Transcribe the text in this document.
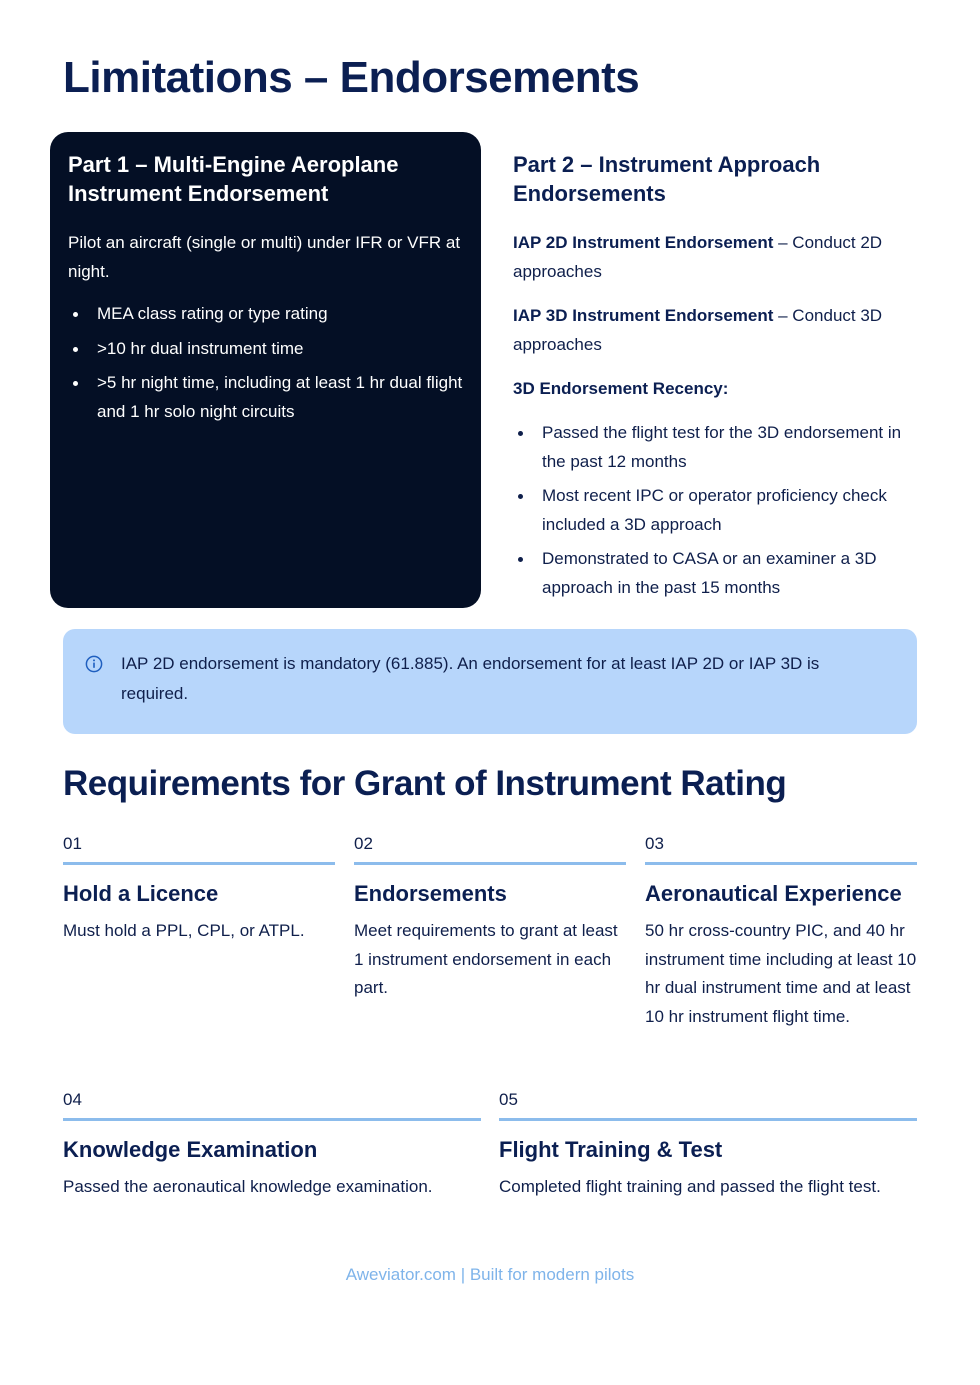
Limitations – Endorsements
Part 1 – Multi-Engine Aeroplane Instrument Endorsement

Pilot an aircraft (single or multi) under IFR or VFR at night.

MEA class rating or type rating
>10 hr dual instrument time
>5 hr night time, including at least 1 hr dual flight and 1 hr solo night circuits
Part 2 – Instrument Approach Endorsements
IAP 2D Instrument Endorsement – Conduct 2D approaches
IAP 3D Instrument Endorsement – Conduct 3D approaches
3D Endorsement Recency:
Passed the flight test for the 3D endorsement in the past 12 months
Most recent IPC or operator proficiency check included a 3D approach
Demonstrated to CASA or an examiner a 3D approach in the past 15 months
IAP 2D endorsement is mandatory (61.885). An endorsement for at least IAP 2D or IAP 3D is required.
Requirements for Grant of Instrument Rating
01
Hold a Licence

Must hold a PPL, CPL, or ATPL.

02
Endorsements

Meet requirements to grant at least 1 instrument endorsement in each part.

03
Aeronautical Experience

50 hr cross-country PIC, and 40 hr instrument time including at least 10 hr dual instrument time and at least 10 hr instrument flight time.

04
Knowledge Examination

Passed the aeronautical knowledge examination.

05
Flight Training & Test

Completed flight training and passed the flight test.

Aweviator.com | Built for modern pilots
